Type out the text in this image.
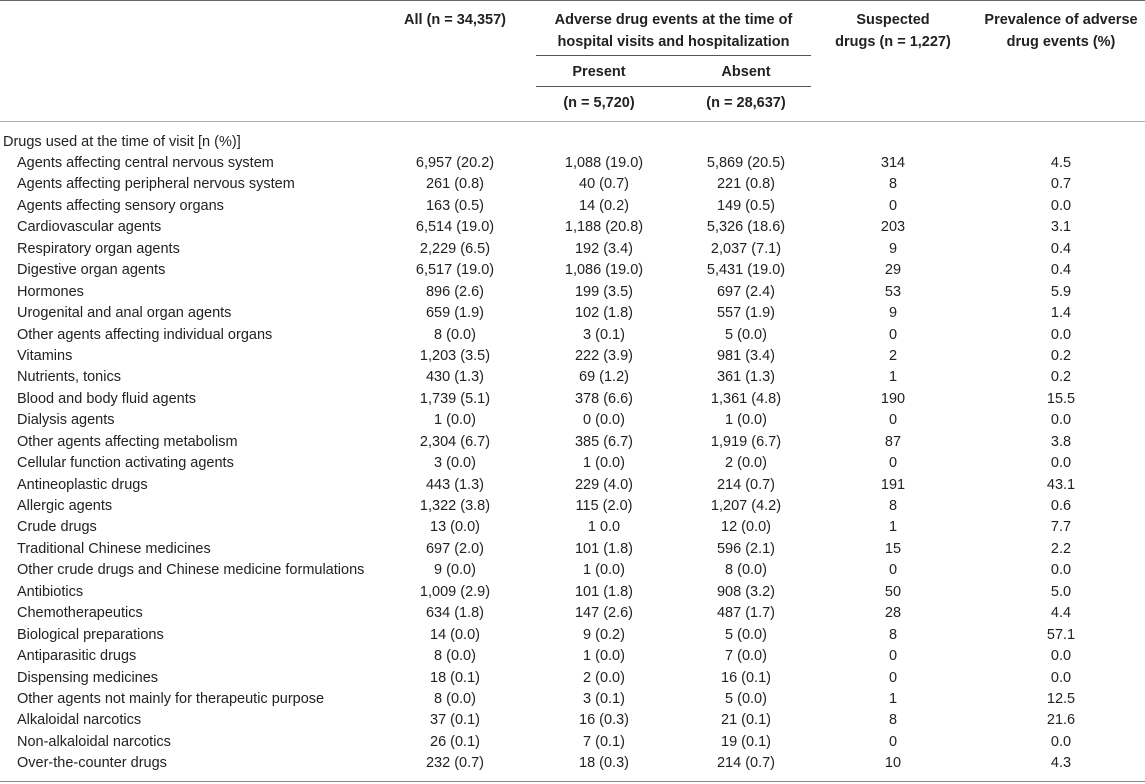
All (n = 34,357)	Adverse drug events at the time of
hospital visits and hospitalization
Present	Absent
(n = 5,720)	(n = 28,637)
Suspected
drugs (n = 1,227)
Prevalence of adverse
drug events (%)
Drugs used at the time of visit [n (%)]
Agents affecting central nervous system	6,957 (20.2)	1,088 (19.0)	5,869 (20.5)	314	4.5
Agents affecting peripheral nervous system	261 (0.8)	40 (0.7)	221 (0.8)	8	0.7
Agents affecting sensory organs	163 (0.5)	14 (0.2)	149 (0.5)	0	0.0
Cardiovascular agents	6,514 (19.0)	1,188 (20.8)	5,326 (18.6)	203	3.1
Respiratory organ agents	2,229 (6.5)	192 (3.4)	2,037 (7.1)	9	0.4
Digestive organ agents	6,517 (19.0)	1,086 (19.0)	5,431 (19.0)	29	0.4
Hormones	896 (2.6)	199 (3.5)	697 (2.4)	53	5.9
Urogenital and anal organ agents	659 (1.9)	102 (1.8)	557 (1.9)	9	1.4
Other agents affecting individual organs	8 (0.0)	3 (0.1)	5 (0.0)	0	0.0
Vitamins	1,203 (3.5)	222 (3.9)	981 (3.4)	2	0.2
Nutrients, tonics	430 (1.3)	69 (1.2)	361 (1.3)	1	0.2
Blood and body fluid agents	1,739 (5.1)	378 (6.6)	1,361 (4.8)	190	15.5
Dialysis agents	1 (0.0)	0 (0.0)	1 (0.0)	0	0.0
Other agents affecting metabolism	2,304 (6.7)	385 (6.7)	1,919 (6.7)	87	3.8
Cellular function activating agents	3 (0.0)	1 (0.0)	2 (0.0)	0	0.0
Antineoplastic drugs	443 (1.3)	229 (4.0)	214 (0.7)	191	43.1
Allergic agents	1,322 (3.8)	115 (2.0)	1,207 (4.2)	8	0.6
Crude drugs	13 (0.0)	1 0.0	12 (0.0)	1	7.7
Traditional Chinese medicines	697 (2.0)	101 (1.8)	596 (2.1)	15	2.2
Other crude drugs and Chinese medicine formulations	9 (0.0)	1 (0.0)	8 (0.0)	0	0.0
Antibiotics	1,009 (2.9)	101 (1.8)	908 (3.2)	50	5.0
Chemotherapeutics	634 (1.8)	147 (2.6)	487 (1.7)	28	4.4
Biological preparations	14 (0.0)	9 (0.2)	5 (0.0)	8	57.1
Antiparasitic drugs	8 (0.0)	1 (0.0)	7 (0.0)	0	0.0
Dispensing medicines	18 (0.1)	2 (0.0)	16 (0.1)	0	0.0
Other agents not mainly for therapeutic purpose	8 (0.0)	3 (0.1)	5 (0.0)	1	12.5
Alkaloidal narcotics	37 (0.1)	16 (0.3)	21 (0.1)	8	21.6
Non-alkaloidal narcotics	26 (0.1)	7 (0.1)	19 (0.1)	0	0.0
Over-the-counter drugs	232 (0.7)	18 (0.3)	214 (0.7)	10	4.3
